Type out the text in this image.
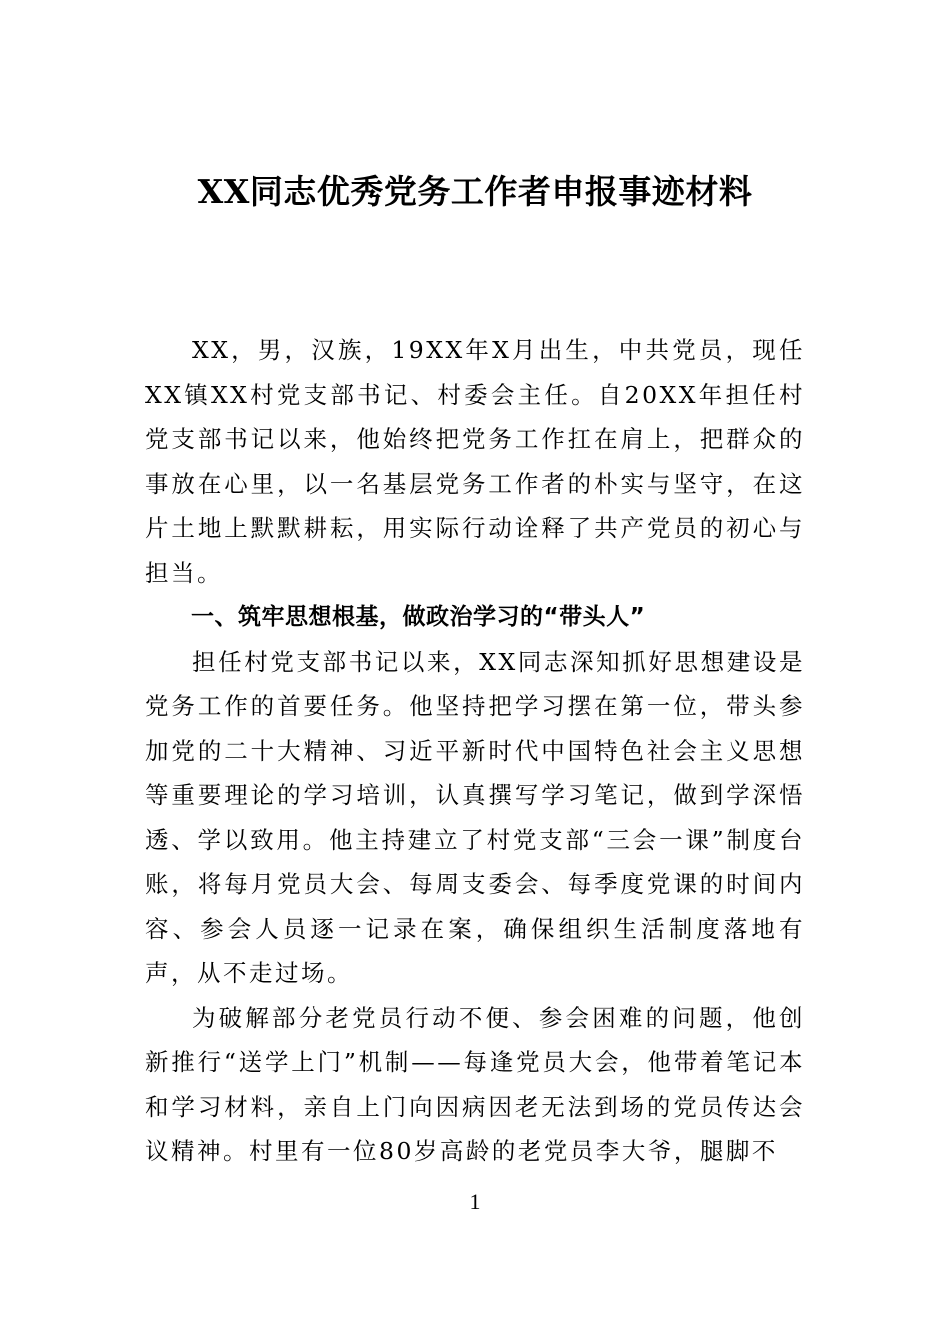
XX同志优秀党务工作者申报事迹材料

XX，男，汉族，19XX年X月出生，中共党员，现任XX镇XX村党支部书记、村委会主任。自20XX年担任村党支部书记以来，他始终把党务工作扛在肩上，把群众的事放在心里，以一名基层党务工作者的朴实与坚守，在这片土地上默默耕耘，用实际行动诠释了共产党员的初心与担当。

一、筑牢思想根基，做政治学习的“带头人”

担任村党支部书记以来，XX同志深知抓好思想建设是党务工作的首要任务。他坚持把学习摆在第一位，带头参加党的二十大精神、习近平新时代中国特色社会主义思想等重要理论的学习培训，认真撰写学习笔记，做到学深悟透、学以致用。他主持建立了村党支部“三会一课”制度台账，将每月党员大会、每周支委会、每季度党课的时间内容、参会人员逐一记录在案，确保组织生活制度落地有声，从不走过场。

为破解部分老党员行动不便、参会困难的问题，他创新推行“送学上门”机制——每逢党员大会，他带着笔记本和学习材料，亲自上门向因病因老无法到场的党员传达会议精神。村里有一位80岁高龄的老党员李大爷，腿脚不

1
